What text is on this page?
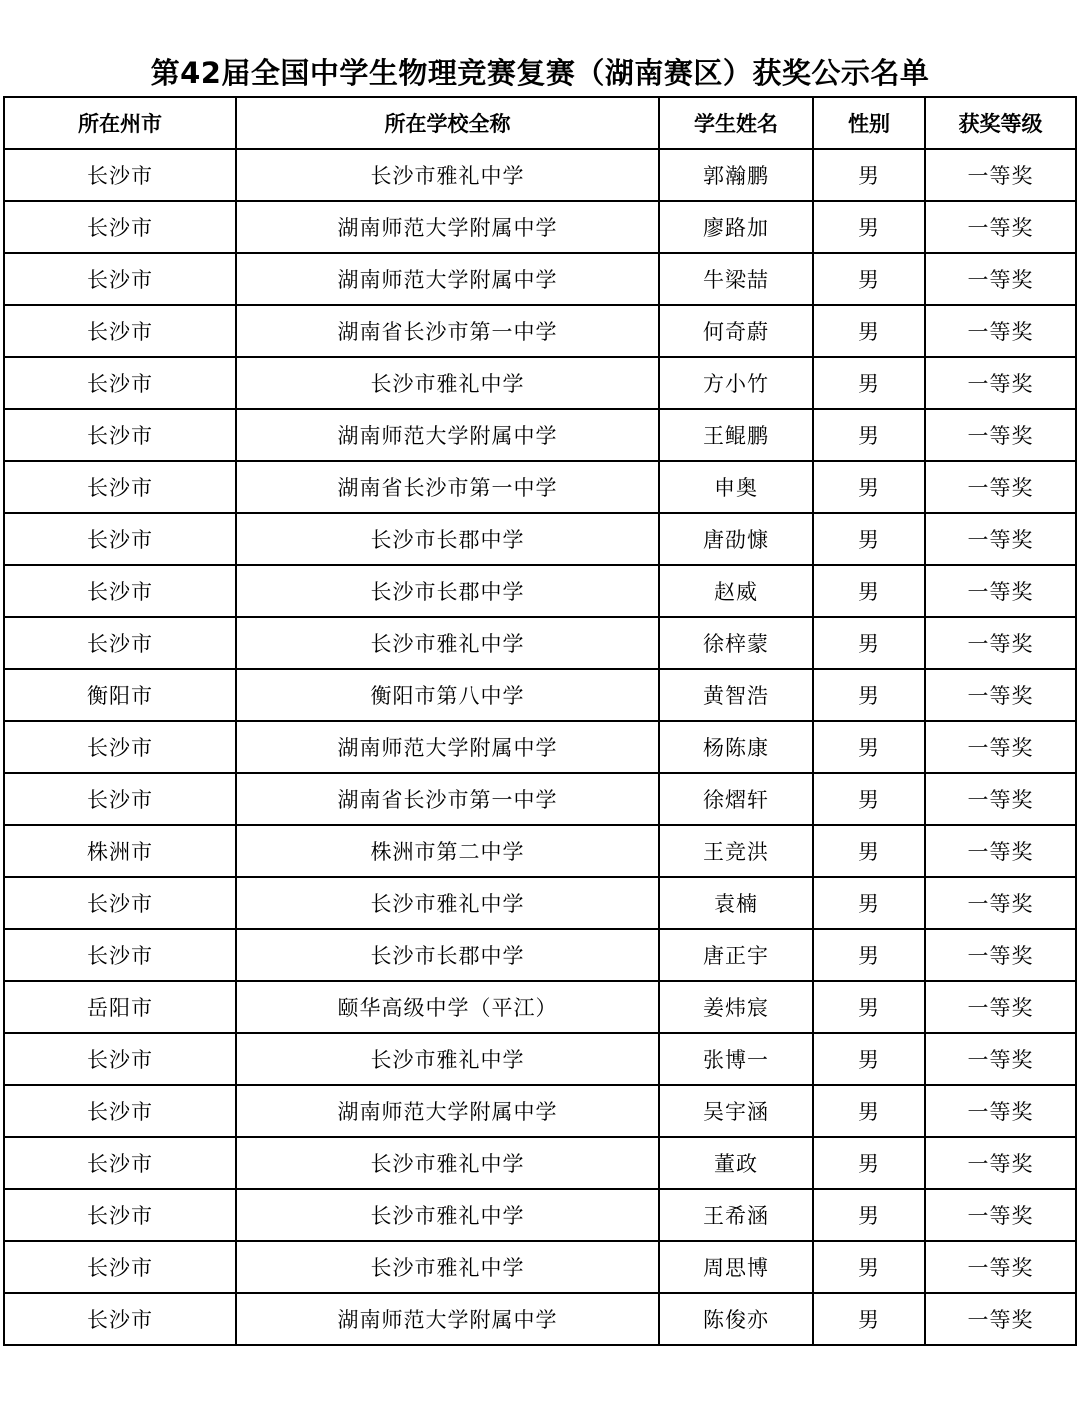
第42届全国中学生物理竞赛复赛（湖南赛区）获奖公示名单
所在州市	所在学校全称	学生姓名	性别	获奖等级
长沙市	长沙市雅礼中学	郭瀚鹏	男	一等奖
长沙市	湖南师范大学附属中学	廖路加	男	一等奖
长沙市	湖南师范大学附属中学	牛梁喆	男	一等奖
长沙市	湖南省长沙市第一中学	何奇蔚	男	一等奖
长沙市	长沙市雅礼中学	方小竹	男	一等奖
长沙市	湖南师范大学附属中学	王鲲鹏	男	一等奖
长沙市	湖南省长沙市第一中学	申奥	男	一等奖
长沙市	长沙市长郡中学	唐劭慷	男	一等奖
长沙市	长沙市长郡中学	赵威	男	一等奖
长沙市	长沙市雅礼中学	徐梓蒙	男	一等奖
衡阳市	衡阳市第八中学	黄智浩	男	一等奖
长沙市	湖南师范大学附属中学	杨陈康	男	一等奖
长沙市	湖南省长沙市第一中学	徐熠轩	男	一等奖
株洲市	株洲市第二中学	王竞洪	男	一等奖
长沙市	长沙市雅礼中学	袁楠	男	一等奖
长沙市	长沙市长郡中学	唐正宇	男	一等奖
岳阳市	颐华高级中学（平江）	姜炜宸	男	一等奖
长沙市	长沙市雅礼中学	张博一	男	一等奖
长沙市	湖南师范大学附属中学	吴宇涵	男	一等奖
长沙市	长沙市雅礼中学	董政	男	一等奖
长沙市	长沙市雅礼中学	王希涵	男	一等奖
长沙市	长沙市雅礼中学	周思博	男	一等奖
长沙市	湖南师范大学附属中学	陈俊亦	男	一等奖
